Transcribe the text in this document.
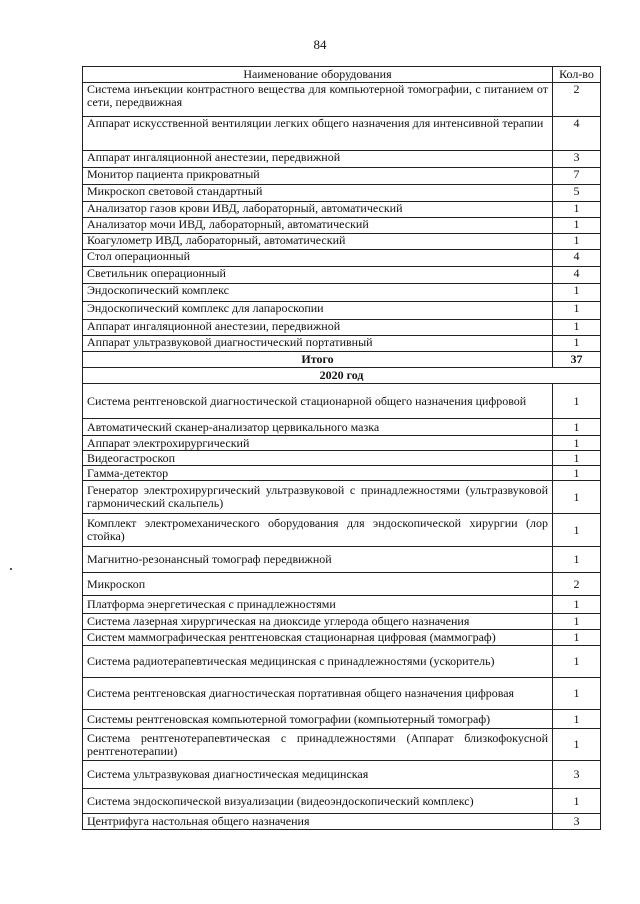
84
Наименование оборудования	Кол-во
Система инъекции контрастного вещества для компьютерной томографии, с питанием от сети, передвижная	2
Аппарат искусственной вентиляции легких общего назначения для интенсивной терапии	4
Аппарат ингаляционной анестезии, передвижной	3
Монитор пациента прикроватный	7
Микроскоп световой стандартный	5
Анализатор газов крови ИВД, лабораторный, автоматический	1
Анализатор мочи ИВД, лабораторный, автоматический	1
Коагулометр ИВД, лабораторный, автоматический	1
Стол операционный	4
Светильник операционный	4
Эндоскопический комплекс	1
Эндоскопический комплекс для лапароскопии	1
Аппарат ингаляционной анестезии, передвижной	1
Аппарат ультразвуковой диагностический портативный	1
Итого	37
2020 год	
Система рентгеновской диагностической стационарной общего назначения цифровой	1
Автоматический сканер-анализатор цервикального мазка	1
Аппарат электрохирургический	1
Видеогастроскоп	1
Гамма-детектор	1
Генератор электрохирургический ультразвуковой с принадлежностями (ультразвуковой гармонический скальпель)	1
Комплект электромеханического оборудования для эндоскопической хирургии (лор стойка)	1
Магнитно-резонансный томограф передвижной	1
Микроскоп	2
Платформа энергетическая с принадлежностями	1
Система лазерная хирургическая на диоксиде углерода общего назначения	1
Систем маммографическая рентгеновская стационарная цифровая (маммограф)	1
Система радиотерапевтическая медицинская с принадлежностями (ускоритель)	1
Система рентгеновская диагностическая портативная общего назначения цифровая	1
Системы рентгеновская компьютерной томографии (компьютерный томограф)	1
Система рентгенотерапевтическая с принадлежностями (Аппарат близкофокусной рентгенотерапии)	1
Система ультразвуковая диагностическая медицинская	3
Система эндоскопической визуализации (видеоэндоскопический комплекс)	1
Центрифуга настольная общего назначения	3
